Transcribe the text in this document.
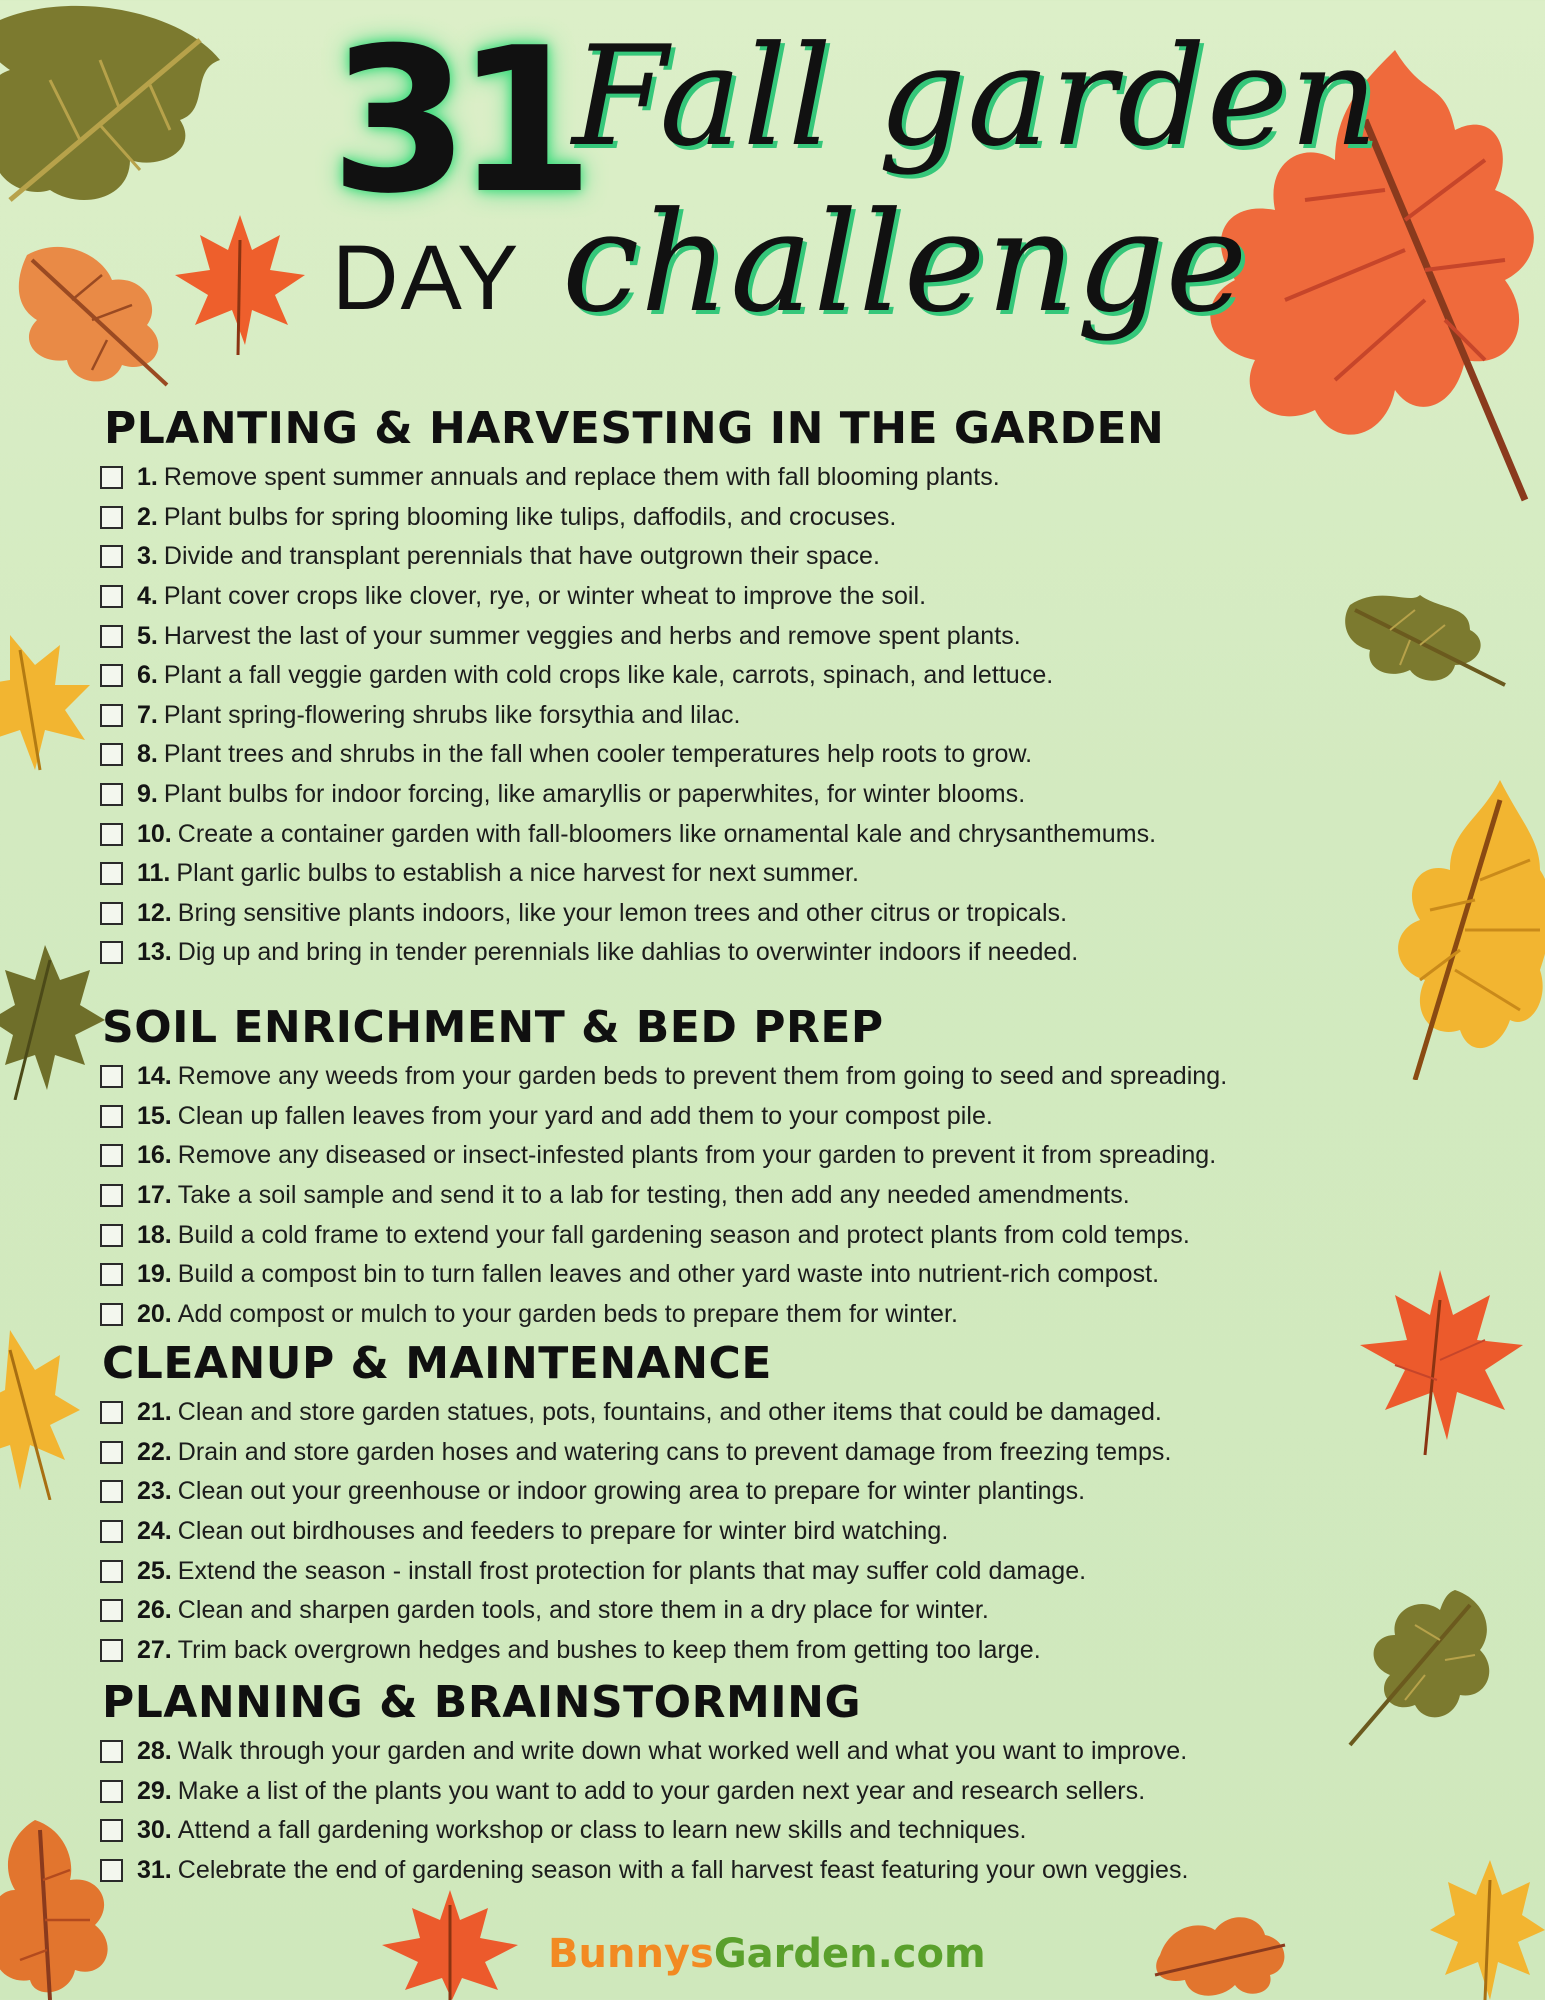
31
DAY
Fall garden
challenge
PLANTING & HARVESTING IN THE GARDEN
1. Remove spent summer annuals and replace them with fall blooming plants.
2. Plant bulbs for spring blooming like tulips, daffodils, and crocuses.
3. Divide and transplant perennials that have outgrown their space.
4. Plant cover crops like clover, rye, or winter wheat to improve the soil.
5. Harvest the last of your summer veggies and herbs and remove spent plants.
6. Plant a fall veggie garden with cold crops like kale, carrots, spinach, and lettuce.
7. Plant spring-flowering shrubs like forsythia and lilac.
8. Plant trees and shrubs in the fall when cooler temperatures help roots to grow.
9. Plant bulbs for indoor forcing, like amaryllis or paperwhites, for winter blooms.
10. Create a container garden with fall-bloomers like ornamental kale and chrysanthemums.
11. Plant garlic bulbs to establish a nice harvest for next summer.
12. Bring sensitive plants indoors, like your lemon trees and other citrus or tropicals.
13. Dig up and bring in tender perennials like dahlias to overwinter indoors if needed.
SOIL ENRICHMENT & BED PREP
14. Remove any weeds from your garden beds to prevent them from going to seed and spreading.
15. Clean up fallen leaves from your yard and add them to your compost pile.
16. Remove any diseased or insect-infested plants from your garden to prevent it from spreading.
17. Take a soil sample and send it to a lab for testing, then add any needed amendments.
18. Build a cold frame to extend your fall gardening season and protect plants from cold temps.
19. Build a compost bin to turn fallen leaves and other yard waste into nutrient-rich compost.
20. Add compost or mulch to your garden beds to prepare them for winter.
CLEANUP & MAINTENANCE
21. Clean and store garden statues, pots, fountains, and other items that could be damaged.
22. Drain and store garden hoses and watering cans to prevent damage from freezing temps.
23. Clean out your greenhouse or indoor growing area to prepare for winter plantings.
24. Clean out birdhouses and feeders to prepare for winter bird watching.
25. Extend the season - install frost protection for plants that may suffer cold damage.
26. Clean and sharpen garden tools, and store them in a dry place for winter.
27. Trim back overgrown hedges and bushes to keep them from getting too large.
PLANNING & BRAINSTORMING
28. Walk through your garden and write down what worked well and what you want to improve.
29. Make a list of the plants you want to add to your garden next year and research sellers.
30. Attend a fall gardening workshop or class to learn new skills and techniques.
31. Celebrate the end of gardening season with a fall harvest feast featuring your own veggies.
BunnysGarden.com
